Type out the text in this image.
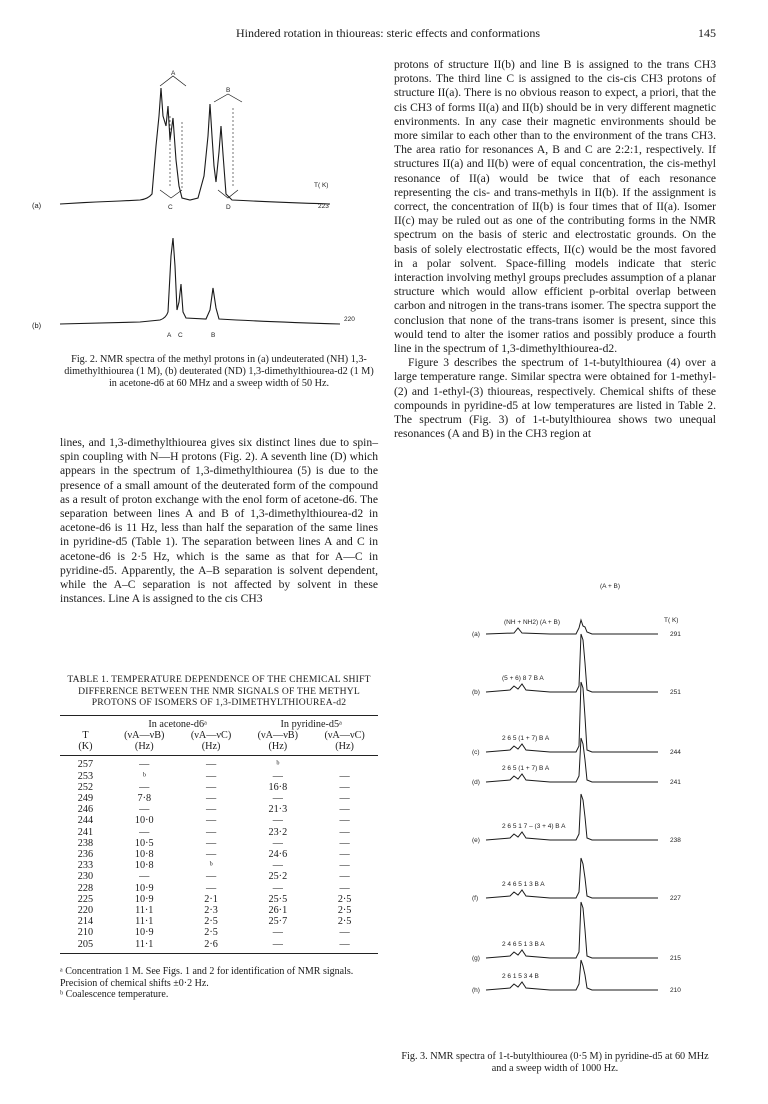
Hindered rotation in thioureas: steric effects and conformations	145
(a)
A
B
C	D
T( K)
223
(b)
A C	B
220
Fig. 2. NMR spectra of the methyl protons in (a) undeuterated (NH) 1,3-dimethylthiourea (1 M), (b) deuterated (ND) 1,3-dimethylthiourea-d2 (1 M) in acetone-d6 at 60 MHz and a sweep width of 50 Hz.

lines, and 1,3-dimethylthiourea gives six distinct lines due to spin–spin coupling with N—H protons (Fig. 2). A seventh line (D) which appears in the spectrum of 1,3-dimethylthiourea (5) is due to the presence of a small amount of the deuterated form of the compound as a result of proton exchange with the enol form of acetone-d6. The separation between lines A and B of 1,3-dimethylthiourea-d2 in acetone-d6 is 11 Hz, less than half the separation of the same lines in pyridine-d5 (Table 1). The separation between lines A and C in acetone-d6 is 2·5 Hz, which is the same as that for A—C in pyridine-d5. Apparently, the A–B separation is solvent dependent, while the A–C separation is not affected by solvent in these instances. Line A is assigned to the cis CH3

TABLE 1. TEMPERATURE DEPENDENCE OF THE CHEMICAL SHIFT DIFFERENCE BETWEEN THE NMR SIGNALS OF THE METHYL PROTONS OF ISOMERS OF 1,3-DIMETHYLTHIOUREA-d2
	In acetone-d6ᵃ		In pyridine-d5ᵃ	
T	(νA—νB)	(νA—νC)	(νA—νB)	(νA—νC)
(K)	(Hz)	(Hz)	(Hz)	(Hz)
257	—	—	ᵇ	
253	ᵇ	—	—	—
252	—	—	16·8	—
249	7·8	—	—	—
246	—	—	21·3	—
244	10·0	—	—	—
241	—	—	23·2	—
238	10·5	—	—	—
236	10·8	—	24·6	—
233	10·8	ᵇ	—	—
230	—	—	25·2	—
228	10·9	—	—	—
225	10·9	2·1	25·5	2·5
220	11·1	2·3	26·1	2·5
214	11·1	2·5	25·7	2·5
210	10·9	2·5	—	—
205	11·1	2·6	—	—
ᵃ Concentration 1 M. See Figs. 1 and 2 for identification of NMR signals. Precision of chemical shifts ±0·2 Hz.
ᵇ Coalescence temperature.

protons of structure II(b) and line B is assigned to the trans CH3 protons. The third line C is assigned to the cis-cis CH3 protons of structure II(a). There is no obvious reason to expect, a priori, that the cis CH3 of forms II(a) and II(b) should be in very different magnetic environments. In any case their magnetic environments should be more similar to each other than to the environment of the trans CH3. The area ratio for resonances A, B and C are 2:2:1, respectively. If structures II(a) and II(b) were of equal concentration, the cis-methyl resonance of II(a) would be twice that of each resonance representing the cis- and trans-methyls in II(b). If the assignment is correct, the concentration of II(b) is four times that of II(a). Isomer II(c) may be ruled out as one of the contributing forms in the NMR spectrum on the basis of steric and electrostatic grounds. On the basis of solely electrostatic effects, II(c) would be the most favored in a polar solvent. Space-filling models indicate that steric interaction involving methyl groups precludes assumption of a planar structure which would allow efficient p-orbital overlap between carbon and nitrogen in the trans-trans isomer. The spectra support the conclusion that none of the trans-trans isomer is present, since this would tend to alter the isomer ratios and possibly produce a fourth line in the spectrum of 1,3-dimethylthiourea-d2.

Figure 3 describes the spectrum of 1-t-butylthiourea (4) over a large temperature range. Similar spectra were obtained for 1-methyl-(2) and 1-ethyl-(3) thioureas, respectively. Chemical shifts of these compounds in pyridine-d5 at low temperatures are listed in Table 2. The spectrum (Fig. 3) of 1-t-butylthiourea shows two unequal resonances (A and B) in the CH3 region at

(A + B)
T( K)
(a)	291
(NH + NH2) (A + B)
(b)	251
(5 + 6) 8 7 B A
(c)	244
2 6 5 (1 + 7) B A
(d)	241
2 6 5 (1 + 7) B A
(e)	238
2 6 5 1 7 – (3 + 4) B A
(f)	227
2 4 6 5 1 3 B A
(g)	215
2 4 6 5 1 3 B A
(h)	210
2 6 1 5 3 4 B
Fig. 3. NMR spectra of 1-t-butylthiourea (0·5 M) in pyridine-d5 at 60 MHz and a sweep width of 1000 Hz.
